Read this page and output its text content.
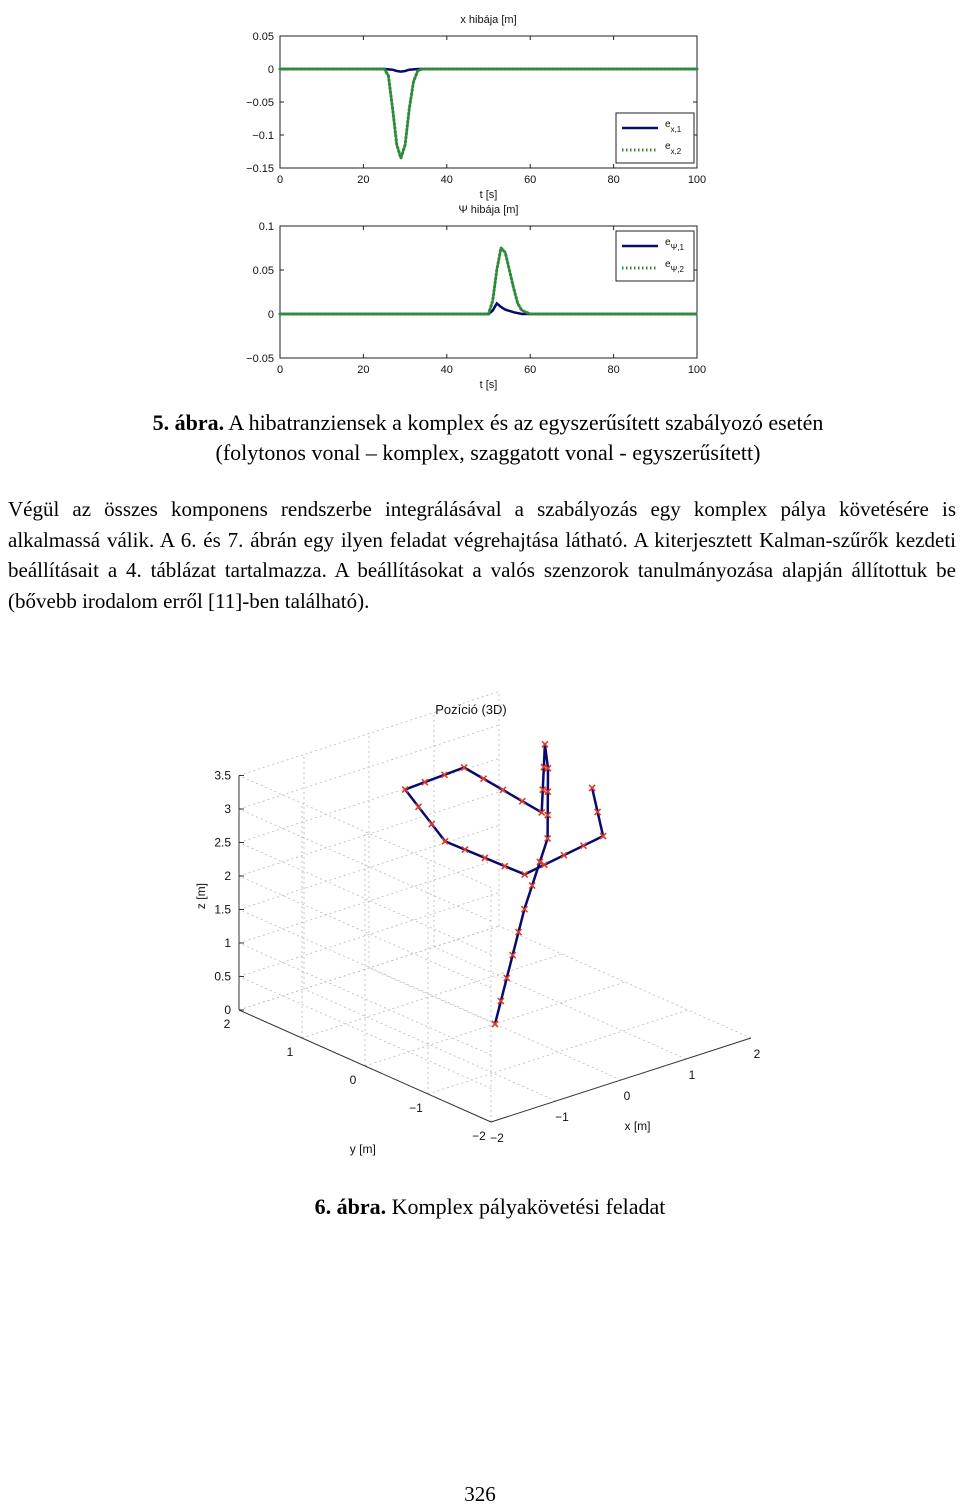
x hibája [m]
0	20	40	60	80	100
t [s]
0.05
0
−0.05
−0.1
−0.15
$e_{x,1}$
$e_{x,2}$
Ψ hibája [m]
0	20	40	60	80	100
t [s]
0.1
0.05
0
−0.05
$e_{\Psi,1}$
$e_{\Psi,2}$
5. ábra. A hibatranziensek a komplex és az egyszerűsített szabályozó esetén
(folytonos vonal – komplex, szaggatott vonal - egyszerűsített)

Végül az összes komponens rendszerbe integrálásával a szabályozás egy komplex pálya követésére is alkalmassá válik. A 6. és 7. ábrán egy ilyen feladat végrehajtása látható. A kiterjesztett Kalman-szűrők kezdeti beállításait a 4. táblázat tartalmazza. A beállításokat a valós szenzorok tanulmányozása alapján állítottuk be (bővebb irodalom erről [11]-ben található).

Pozíció (3D)
−2
−1
0
1
2
2
1
0
−1
−2
3.5
3
2.5
2
1.5
1
0.5
0
x [m]
y [m]
z [m]
6. ábra. Komplex pályakövetési feladat
326
